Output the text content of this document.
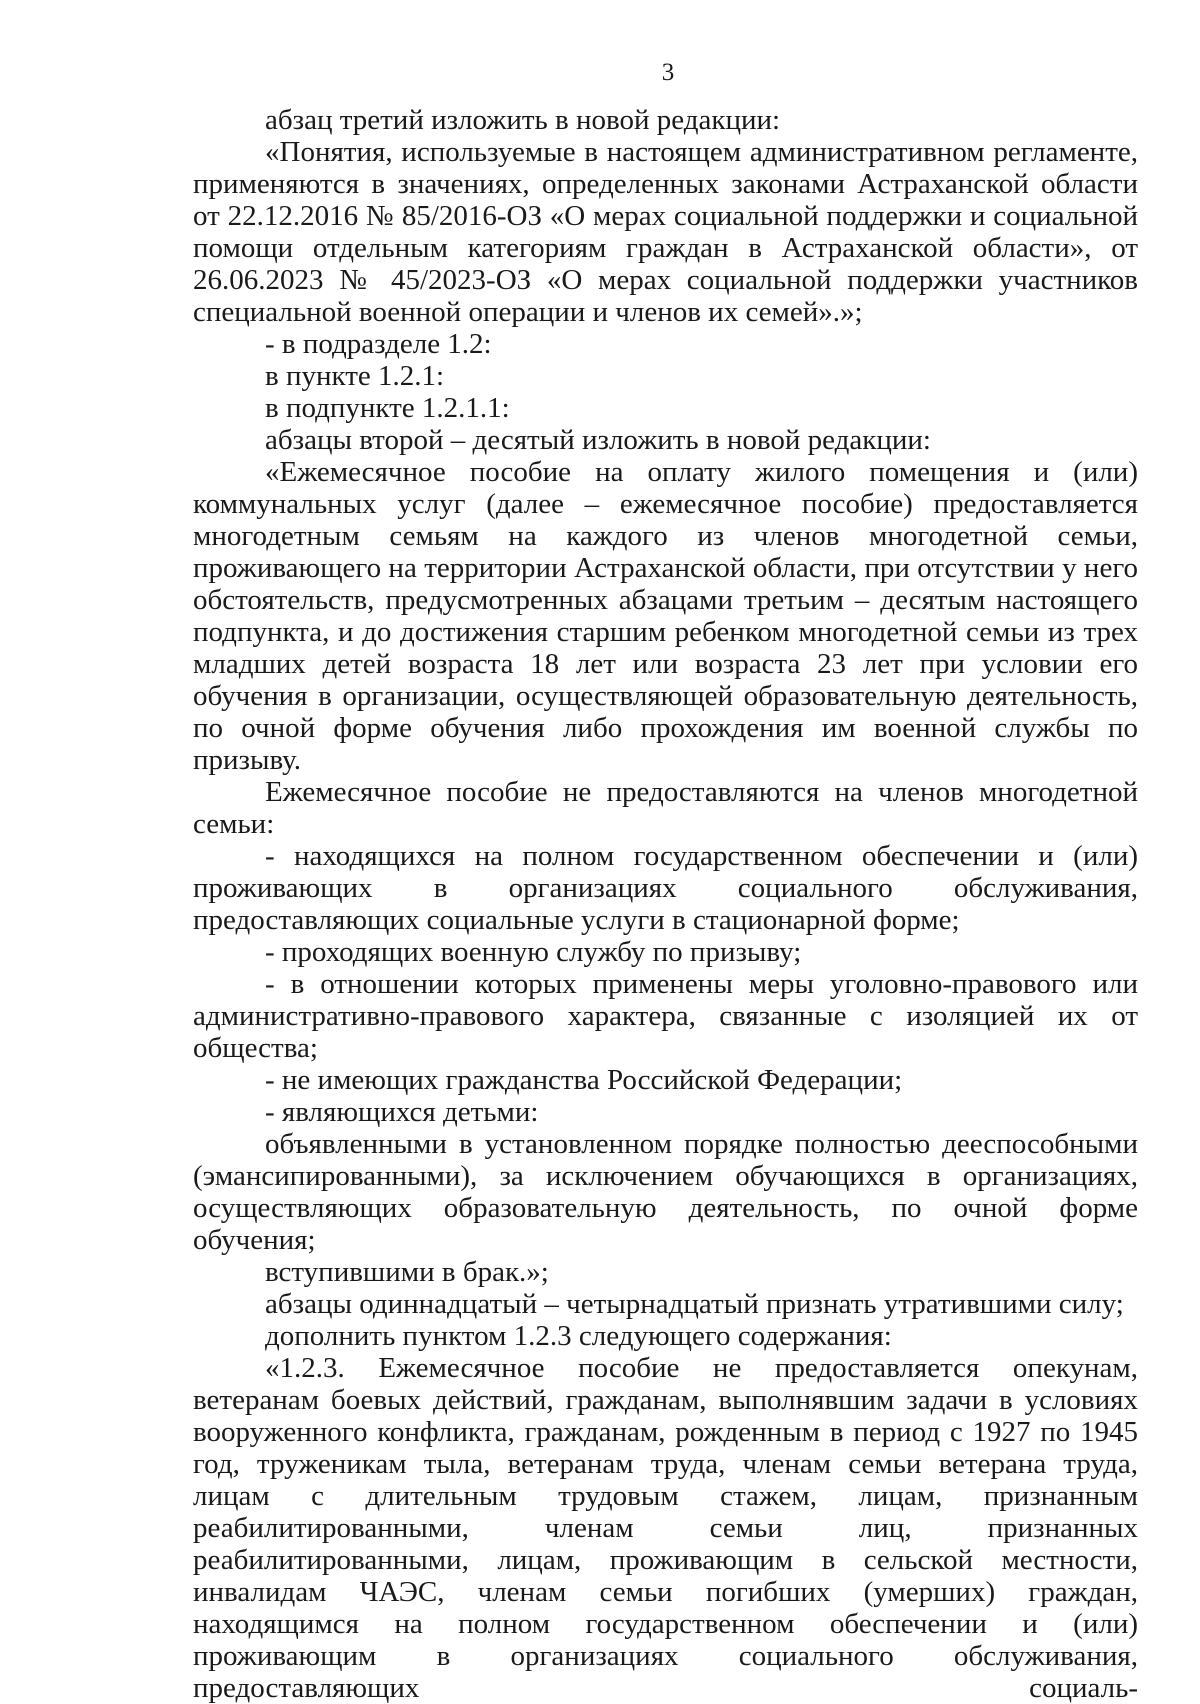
3

абзац третий изложить в новой редакции:

«Понятия, используемые в настоящем административном регламенте, применяются в значениях, определенных законами Астраханской области от 22.12.2016 № 85/2016-ОЗ «О мерах социальной поддержки и социальной помощи отдельным категориям граждан в Астраханской области», от 26.06.2023 № 45/2023-ОЗ «О мерах социальной поддержки участников специальной военной операции и членов их семей».»;

- в подразделе 1.2:

в пункте 1.2.1:

в подпункте 1.2.1.1:

абзацы второй – десятый изложить в новой редакции:

«Ежемесячное пособие на оплату жилого помещения и (или) коммунальных услуг (далее – ежемесячное пособие) предоставляется многодетным семьям на каждого из членов многодетной семьи, проживающего на территории Астраханской области, при отсутствии у него обстоятельств, предусмотренных абзацами третьим – десятым настоящего подпункта, и до достижения старшим ребенком многодетной семьи из трех младших детей возраста 18 лет или возраста 23 лет при условии его обучения в организации, осуществляющей образовательную деятельность, по очной форме обучения либо прохождения им военной службы по призыву.

Ежемесячное пособие не предоставляются на членов многодетной семьи:

- находящихся на полном государственном обеспечении и (или) проживающих в организациях социального обслуживания, предоставляющих социальные услуги в стационарной форме;

- проходящих военную службу по призыву;

- в отношении которых применены меры уголовно-правового или административно-правового характера, связанные с изоляцией их от общества;

- не имеющих гражданства Российской Федерации;

- являющихся детьми:

объявленными в установленном порядке полностью дееспособными (эмансипированными), за исключением обучающихся в организациях, осуществляющих образовательную деятельность, по очной форме обучения;

вступившими в брак.»;

абзацы одиннадцатый – четырнадцатый признать утратившими силу;

дополнить пунктом 1.2.3 следующего содержания:

«1.2.3. Ежемесячное пособие не предоставляется опекунам, ветеранам боевых действий, гражданам, выполнявшим задачи в условиях вооруженного конфликта, гражданам, рожденным в период с 1927 по 1945 год, труженикам тыла, ветеранам труда, членам семьи ветерана труда, лицам с длительным трудовым стажем, лицам, признанным реабилитированными, членам семьи лиц, признанных реабилитированными, лицам, проживающим в сельской местности, инвалидам ЧАЭС, членам семьи погибших (умерших) граждан, находящимся на полном государственном обеспечении и (или) проживающим в организациях социального обслуживания, предоставляющих социаль-
